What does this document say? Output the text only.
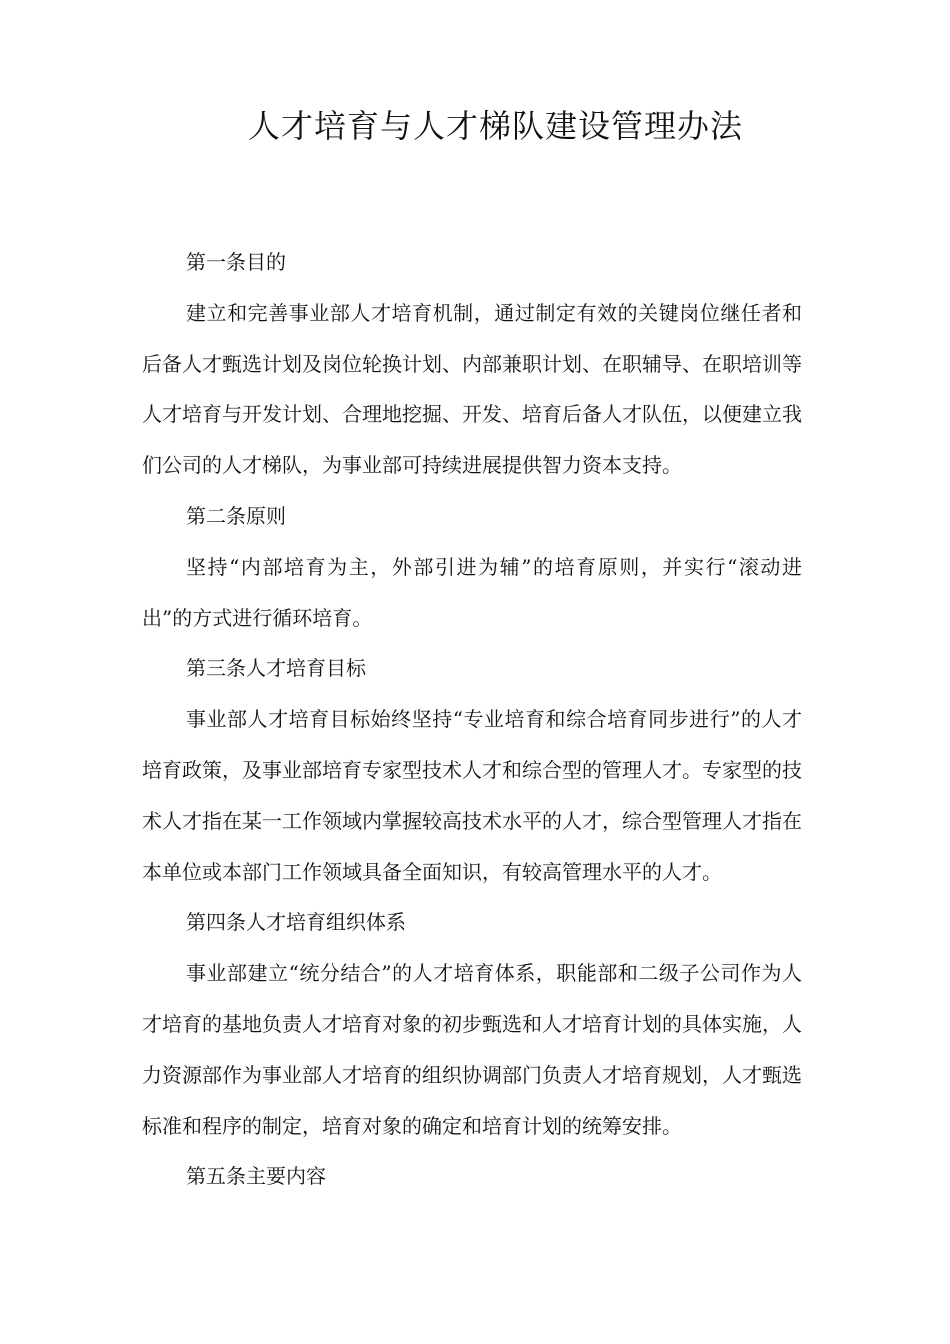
人才培育与人才梯队建设管理办法

第一条目的

建立和完善事业部人才培育机制，通过制定有效的关键岗位继任者和后备人才甄选计划及岗位轮换计划、内部兼职计划、在职辅导、在职培训等人才培育与开发计划、合理地挖掘、开发、培育后备人才队伍，以便建立我们公司的人才梯队，为事业部可持续进展提供智力资本支持。

第二条原则

坚持“内部培育为主，外部引进为辅”的培育原则，并实行“滚动进出”的方式进行循环培育。

第三条人才培育目标

事业部人才培育目标始终坚持“专业培育和综合培育同步进行”的人才培育政策，及事业部培育专家型技术人才和综合型的管理人才。专家型的技术人才指在某一工作领域内掌握较高技术水平的人才，综合型管理人才指在本单位或本部门工作领域具备全面知识，有较高管理水平的人才。

第四条人才培育组织体系

事业部建立“统分结合”的人才培育体系，职能部和二级子公司作为人才培育的基地负责人才培育对象的初步甄选和人才培育计划的具体实施，人力资源部作为事业部人才培育的组织协调部门负责人才培育规划，人才甄选标准和程序的制定，培育对象的确定和培育计划的统筹安排。

第五条主要内容
